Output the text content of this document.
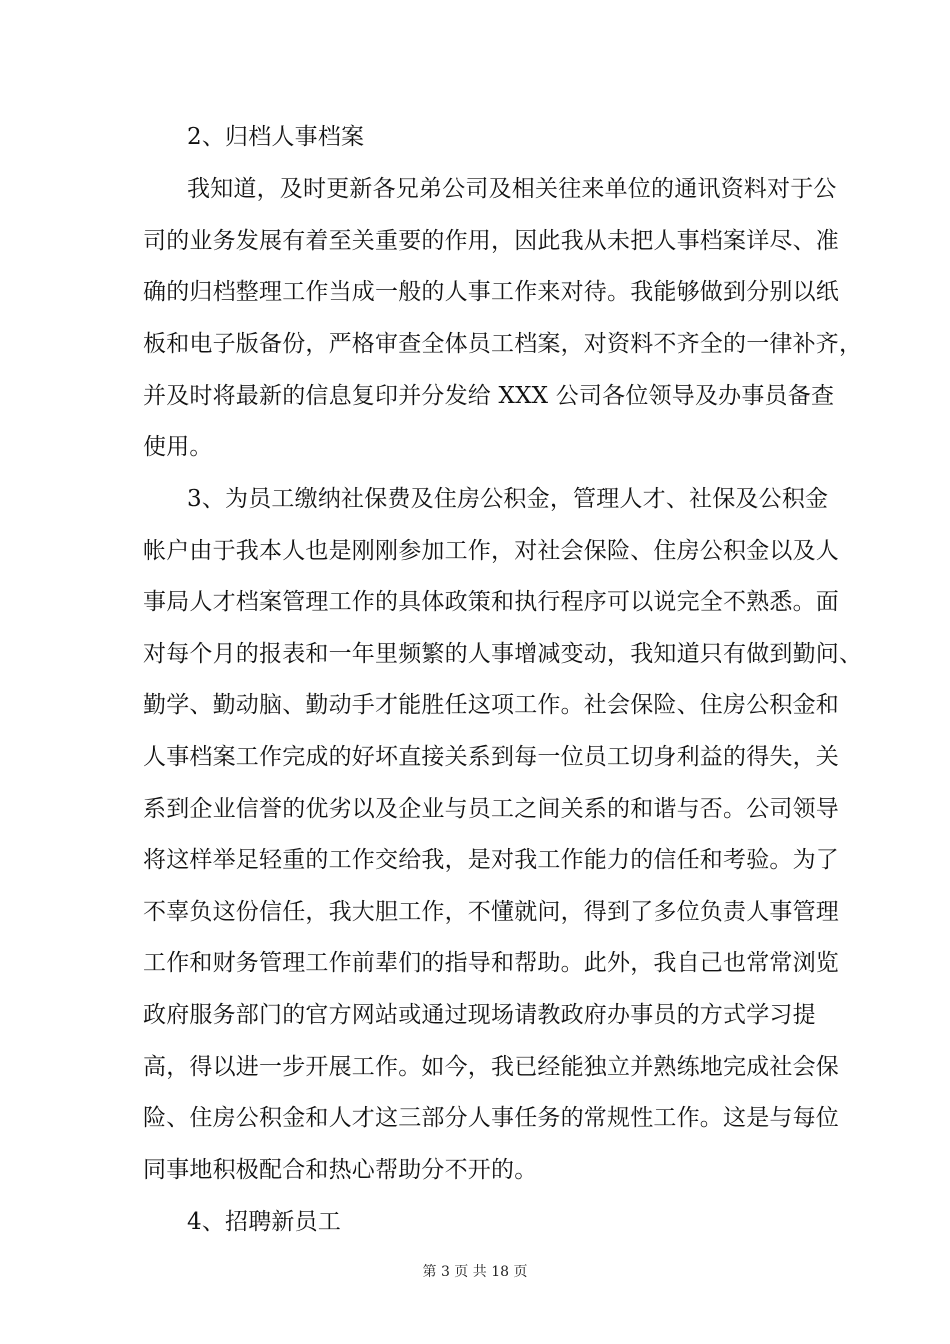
2、归档人事档案
我知道，及时更新各兄弟公司及相关往来单位的通讯资料对于公
司的业务发展有着至关重要的作用，因此我从未把人事档案详尽、准
确的归档整理工作当成一般的人事工作来对待。我能够做到分别以纸
板和电子版备份，严格审查全体员工档案，对资料不齐全的一律补齐，
并及时将最新的信息复印并分发给 XXX 公司各位领导及办事员备查
使用。
3、为员工缴纳社保费及住房公积金，管理人才、社保及公积金
帐户由于我本人也是刚刚参加工作，对社会保险、住房公积金以及人
事局人才档案管理工作的具体政策和执行程序可以说完全不熟悉。面
对每个月的报表和一年里频繁的人事增减变动，我知道只有做到勤问、
勤学、勤动脑、勤动手才能胜任这项工作。社会保险、住房公积金和
人事档案工作完成的好坏直接关系到每一位员工切身利益的得失，关
系到企业信誉的优劣以及企业与员工之间关系的和谐与否。公司领导
将这样举足轻重的工作交给我，是对我工作能力的信任和考验。为了
不辜负这份信任，我大胆工作，不懂就问，得到了多位负责人事管理
工作和财务管理工作前辈们的指导和帮助。此外，我自己也常常浏览
政府服务部门的官方网站或通过现场请教政府办事员的方式学习提
高，得以进一步开展工作。如今，我已经能独立并熟练地完成社会保
险、住房公积金和人才这三部分人事任务的常规性工作。这是与每位
同事地积极配合和热心帮助分不开的。
4、招聘新员工
第 3 页 共 18 页
